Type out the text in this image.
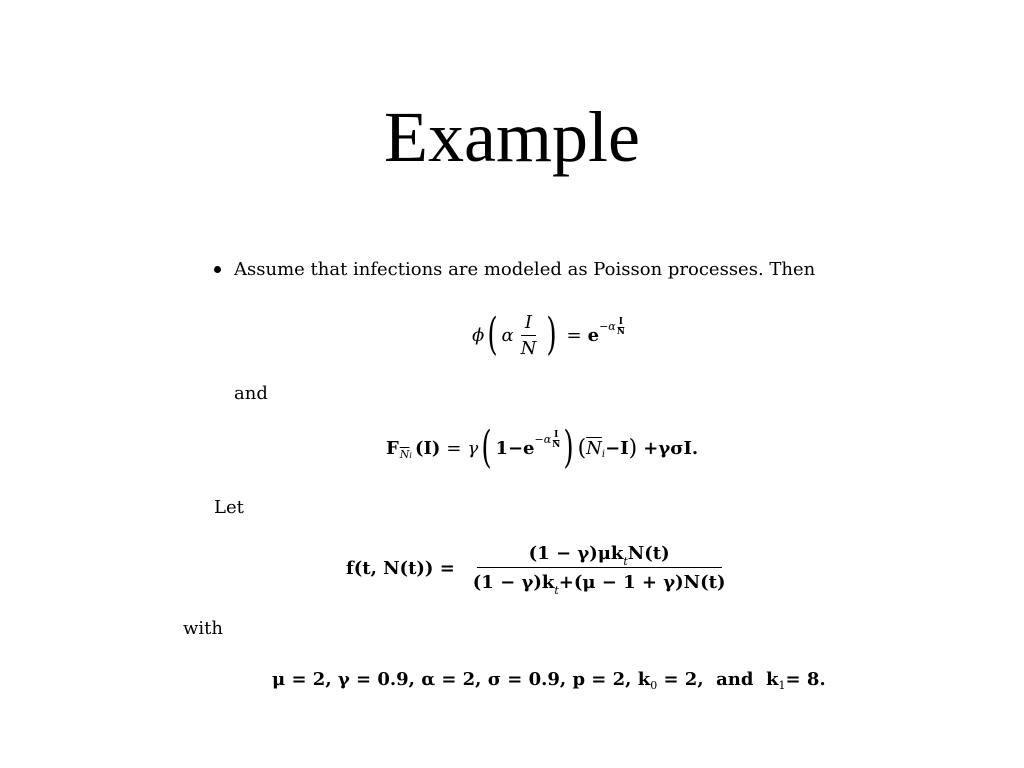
Example
Assume that infections are modeled as Poisson processes. Then
ϕ ( α $\frac{I}{N}$ ) = $e -\alpha \frac{I}{N}$
and
F $\overline{N}i$ (I) = γ ( $1-e -\alpha \frac{I}{N}$ ) ( $\overline{N}$ i −I ) +γσI.
Let
f(t, $N(t)) = \frac{(1 - \gamma)\mu k_tN(t)}{(1 - \gamma)k_t+(\mu - 1 + \gamma)N(t)}$
with
μ = 2, γ = 0.9, α = 2, σ = 0.9, p = 2, k 0 = 2,  and  k 1 = 8.
